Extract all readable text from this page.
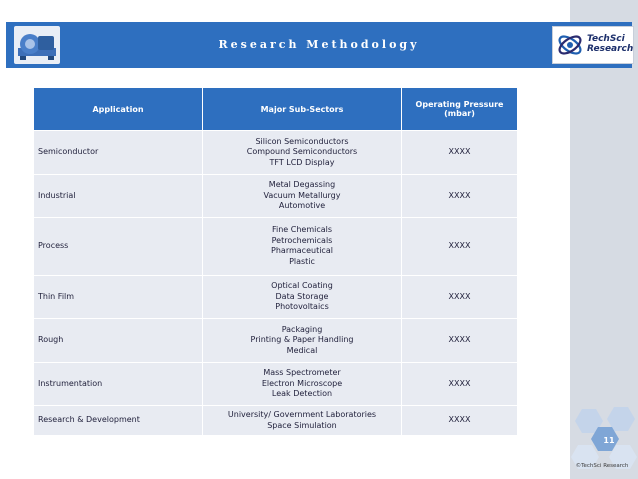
Research Methodology	TechSci
Research
Application	Major Sub-Sectors	Operating Pressure (mbar)
Semiconductor	Silicon Semiconductors
Compound Semiconductors
TFT LCD Display	XXXX
Industrial	Metal Degassing
Vacuum Metallurgy
Automotive	XXXX
Process	Fine Chemicals
Petrochemicals
Pharmaceutical
Plastic	XXXX
Thin Film	Optical Coating
Data Storage
Photovoltaics	XXXX
Rough	Packaging
Printing & Paper Handling
Medical	XXXX
Instrumentation	Mass Spectrometer
Electron Microscope
Leak Detection	XXXX
Research & Development	University/ Government Laboratories
Space Simulation	XXXX
11
©TechSci Research
